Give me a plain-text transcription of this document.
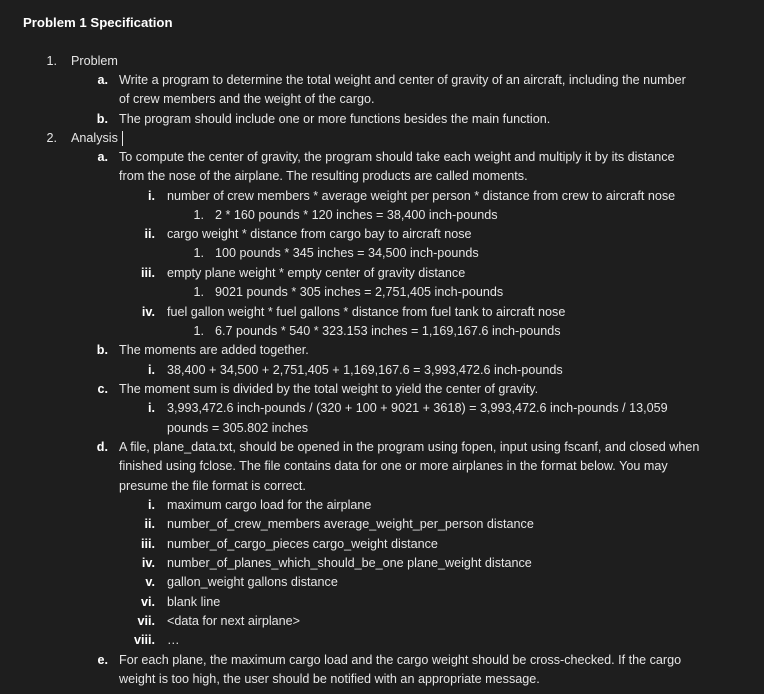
Problem 1 Specification
1. Problem
a. Write a program to determine the total weight and center of gravity of an aircraft, including the number
of crew members and the weight of the cargo.
b. The program should include one or more functions besides the main function.
2. Analysis
a. To compute the center of gravity, the program should take each weight and multiply it by its distance
from the nose of the airplane. The resulting products are called moments.
i. number of crew members * average weight per person * distance from crew to aircraft nose
1. 2 * 160 pounds * 120 inches = 38,400 inch-pounds
ii. cargo weight * distance from cargo bay to aircraft nose
1. 100 pounds * 345 inches = 34,500 inch-pounds
iii. empty plane weight * empty center of gravity distance
1. 9021 pounds * 305 inches = 2,751,405 inch-pounds
iv. fuel gallon weight * fuel gallons * distance from fuel tank to aircraft nose
1. 6.7 pounds * 540 * 323.153 inches = 1,169,167.6 inch-pounds
b. The moments are added together.
i. 38,400 + 34,500 + 2,751,405 + 1,169,167.6 = 3,993,472.6 inch-pounds
c. The moment sum is divided by the total weight to yield the center of gravity.
i. 3,993,472.6 inch-pounds / (320 + 100 + 9021 + 3618) = 3,993,472.6 inch-pounds / 13,059
pounds = 305.802 inches
d. A file, plane_data.txt, should be opened in the program using fopen, input using fscanf, and closed when
finished using fclose. The file contains data for one or more airplanes in the format below. You may
presume the file format is correct.
i. maximum cargo load for the airplane
ii. number_of_crew_members average_weight_per_person distance
iii. number_of_cargo_pieces cargo_weight distance
iv. number_of_planes_which_should_be_one plane_weight distance
v. gallon_weight gallons distance
vi. blank line
vii. <data for next airplane>
viii. …
e. For each plane, the maximum cargo load and the cargo weight should be cross-checked. If the cargo
weight is too high, the user should be notified with an appropriate message.
